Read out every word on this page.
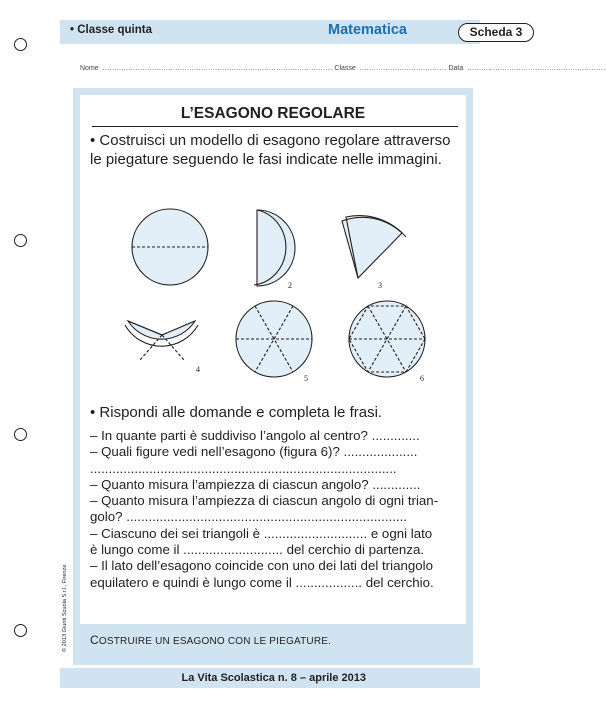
• Classe quinta	Matematica	Scheda 3
Nome .................................................................................................. Classe ..................................... Data ...........................................................
L’ESAGONO REGOLARE
• Costruisci un modello di esagono regolare attraverso le piegature seguendo le fasi indicate nelle immagini.
2	3
4
5	6
• Rispondi alle domande e completa le frasi.
– In quante parti è suddiviso l’angolo al centro? .............
– Quali figure vedi nell’esagono (figura 6)? ....................
...................................................................................
– Quanto misura l’ampiezza di ciascun angolo? .............
– Quanto misura l’ampiezza di ciascun angolo di ogni trian-
golo? ............................................................................
– Ciascuno dei sei triangoli è ............................ e ogni lato
è lungo come il ........................... del cerchio di partenza.
– Il lato dell’esagono coincide con uno dei lati del triangolo
equilatero e quindi è lungo come il .................. del cerchio.
COSTRUIRE UN ESAGONO CON LE PIEGATURE.
© 2013 Giunti Scuola S.r.l., Firenze
La Vita Scolastica n. 8 – aprile 2013
